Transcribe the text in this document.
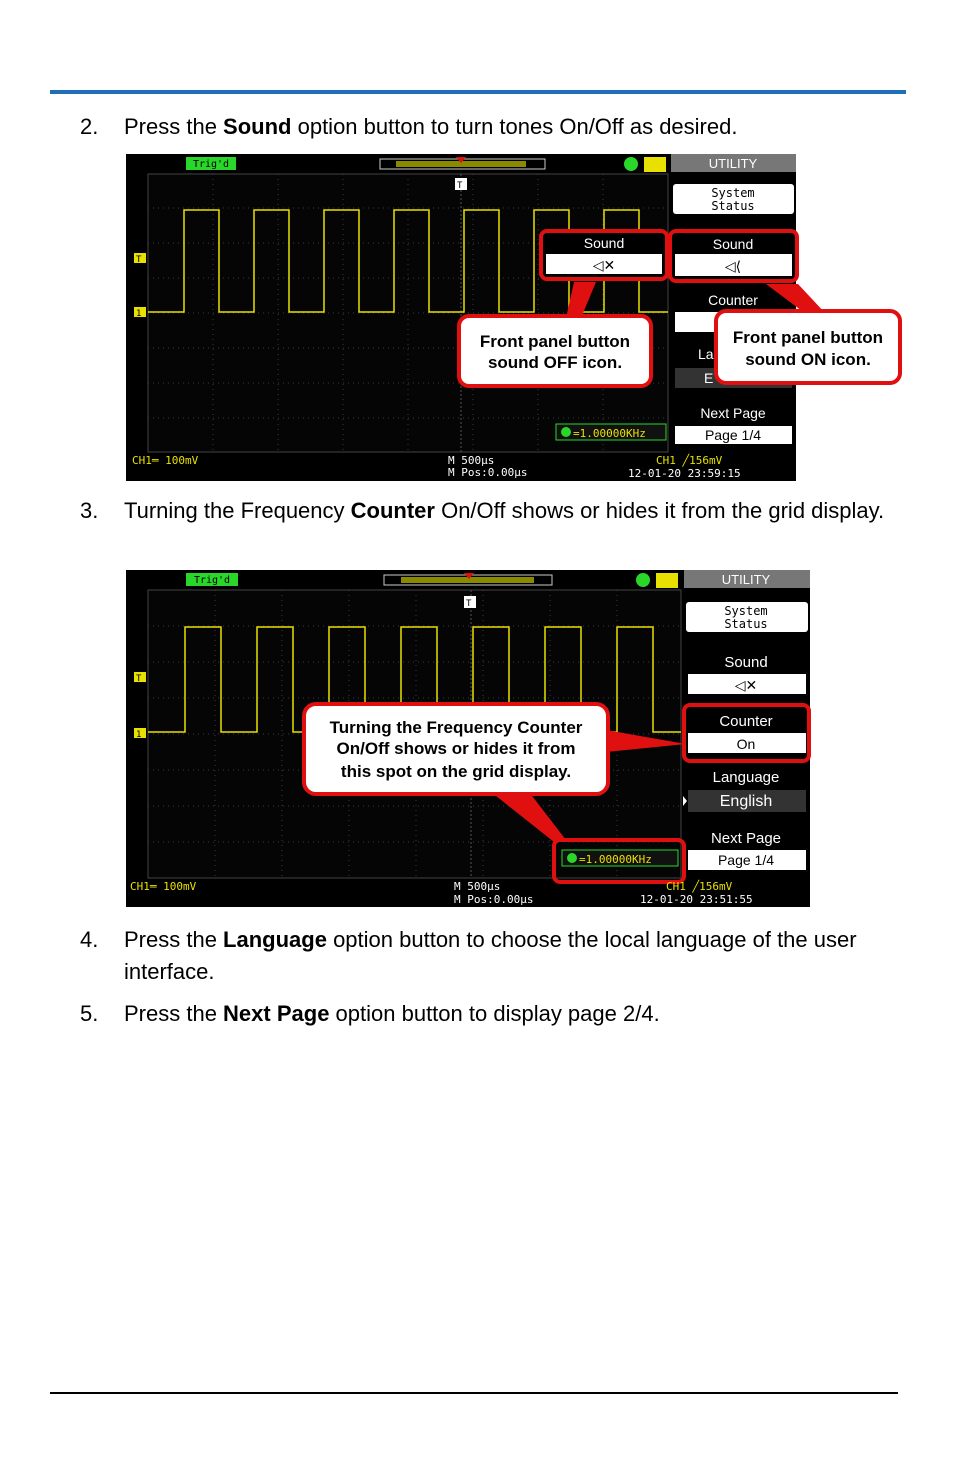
2. Press the Sound option button to turn tones On/Off as desired.
T
1
T
Trig'd	UTILITY
System
Status
Sound
◁⟨
Counter
La
E
Next Page
Page 1/4
=1.00000KHz
CH1═ 100mV	M 500μs
M Pos:0.00μs
CH1 ╱156mV
12-01-20 23:59:15
Sound
◁✕
Front panel button
sound OFF icon.
Front panel button
sound ON icon.
3. Turning the Frequency Counter On/Off shows or hides it from the grid display.
T
1
T
Trig'd	UTILITY
System
Status
Sound
◁✕
Counter
On
Language
English
Next Page
Page 1/4
=1.00000KHz
CH1═ 100mV	M 500μs
M Pos:0.00μs
CH1 ╱156mV
12-01-20 23:51:55
Turning the Frequency Counter
On/Off shows or hides it from
this spot on the grid display.
4. Press the Language option button to choose the local language of the user interface.
5. Press the Next Page option button to display page 2/4.
